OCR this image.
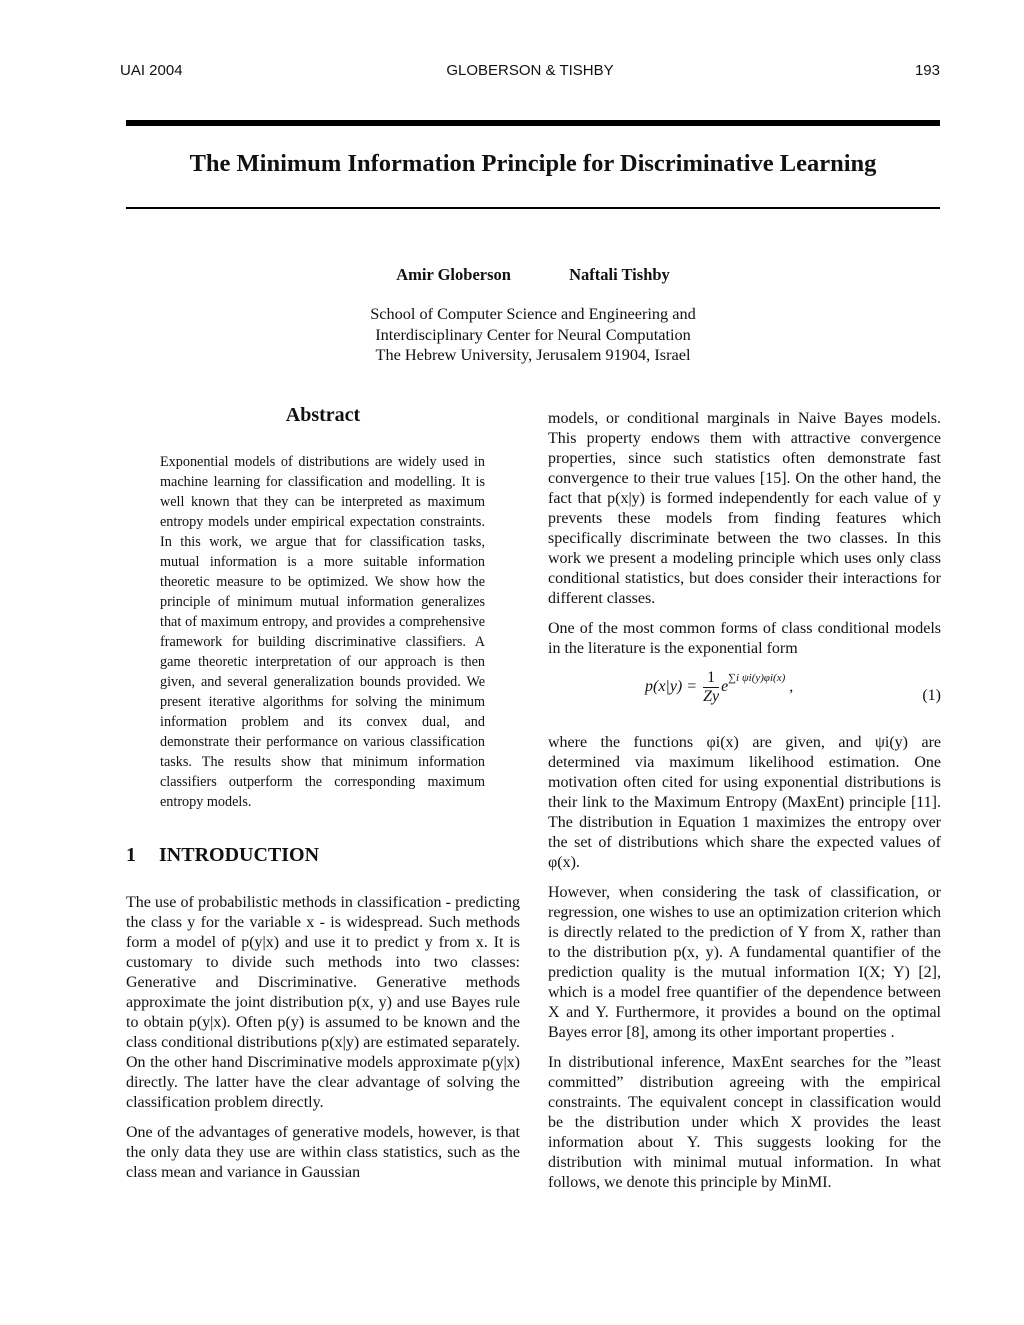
UAI 2004	GLOBERSON & TISHBY	193
The Minimum Information Principle for Discriminative Learning
Amir Globerson	Naftali Tishby
School of Computer Science and Engineering and
Interdisciplinary Center for Neural Computation
The Hebrew University, Jerusalem 91904, Israel
Abstract
Exponential models of distributions are widely used in machine learning for classification and modelling. It is well known that they can be interpreted as maximum entropy models under empirical expectation constraints. In this work, we argue that for classification tasks, mutual information is a more suitable information theoretic measure to be optimized. We show how the principle of minimum mutual information generalizes that of maximum entropy, and provides a comprehensive framework for building discriminative classifiers. A game theoretic interpretation of our approach is then given, and several generalization bounds provided. We present iterative algorithms for solving the minimum information problem and its convex dual, and demonstrate their performance on various classification tasks. The results show that minimum information classifiers outperform the corresponding maximum entropy models.
1 INTRODUCTION

The use of probabilistic methods in classification - predicting the class y for the variable x - is widespread. Such methods form a model of p(y|x) and use it to predict y from x. It is customary to divide such methods into two classes: Generative and Discriminative. Generative methods approximate the joint distribution p(x, y) and use Bayes rule to obtain p(y|x). Often p(y) is assumed to be known and the class conditional distributions p(x|y) are estimated separately. On the other hand Discriminative models approximate p(y|x) directly. The latter have the clear advantage of solving the classification problem directly.

One of the advantages of generative models, however, is that the only data they use are within class statistics, such as the class mean and variance in Gaussian

models, or conditional marginals in Naive Bayes models. This property endows them with attractive convergence properties, since such statistics often demonstrate fast convergence to their true values [15]. On the other hand, the fact that p(x|y) is formed independently for each value of y prevents these models from finding features which specifically discriminate between the two classes. In this work we present a modeling principle which uses only class conditional statistics, but does consider their interactions for different classes.

One of the most common forms of class conditional models in the literature is the exponential form

$p(x|y) = \frac{1}{Zy} e^{\sum i \psi i(y)\varphi i(x)}$ ,
(1)

where the functions φi(x) are given, and ψi(y) are determined via maximum likelihood estimation. One motivation often cited for using exponential distributions is their link to the Maximum Entropy (MaxEnt) principle [11]. The distribution in Equation 1 maximizes the entropy over the set of distributions which share the expected values of φ(x).

However, when considering the task of classification, or regression, one wishes to use an optimization criterion which is directly related to the prediction of Y from X, rather than to the distribution p(x, y). A fundamental quantifier of the prediction quality is the mutual information I(X; Y) [2], which is a model free quantifier of the dependence between X and Y. Furthermore, it provides a bound on the optimal Bayes error [8], among its other important properties .

In distributional inference, MaxEnt searches for the ”least committed” distribution agreeing with the empirical constraints. The equivalent concept in classification would be the distribution under which X provides the least information about Y. This suggests looking for the distribution with minimal mutual information. In what follows, we denote this principle by MinMI.
